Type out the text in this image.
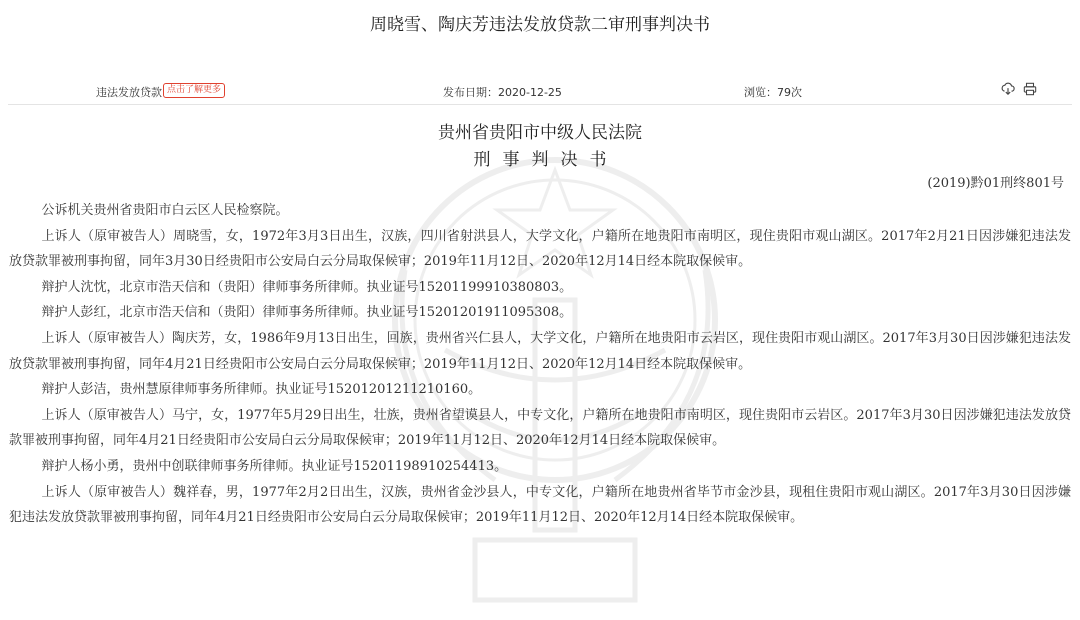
周晓雪、陶庆芳违法发放贷款二审刑事判决书
违法发放贷款 点击了解更多	发布日期：2020-12-25	浏览：79次
贵州省贵阳市中级人民法院
刑事判决书
(2019)黔01刑终801号

公诉机关贵州省贵阳市白云区人民检察院。

上诉人（原审被告人）周晓雪，女，1972年3月3日出生，汉族，四川省射洪县人，大学文化，户籍所在地贵阳市南明区，现住贵阳市观山湖区。2017年2月21日因涉嫌犯违法发放贷款罪被刑事拘留，同年3月30日经贵阳市公安局白云分局取保候审；2019年11月12日、2020年12月14日经本院取保候审。

辩护人沈忱，北京市浩天信和（贵阳）律师事务所律师。执业证号15201199910380803。

辩护人彭红，北京市浩天信和（贵阳）律师事务所律师。执业证号15201201911095308。

上诉人（原审被告人）陶庆芳，女，1986年9月13日出生，回族，贵州省兴仁县人，大学文化，户籍所在地贵阳市云岩区，现住贵阳市观山湖区。2017年3月30日因涉嫌犯违法发放贷款罪被刑事拘留，同年4月21日经贵阳市公安局白云分局取保候审；2019年11月12日、2020年12月14日经本院取保候审。

辩护人彭洁，贵州慧原律师事务所律师。执业证号15201201211210160。

上诉人（原审被告人）马宁，女，1977年5月29日出生，壮族，贵州省望谟县人，中专文化，户籍所在地贵阳市南明区，现住贵阳市云岩区。2017年3月30日因涉嫌犯违法发放贷款罪被刑事拘留，同年4月21日经贵阳市公安局白云分局取保候审；2019年11月12日、2020年12月14日经本院取保候审。

辩护人杨小勇，贵州中创联律师事务所律师。执业证号15201198910254413。

上诉人（原审被告人）魏祥春，男，1977年2月2日出生，汉族，贵州省金沙县人，中专文化，户籍所在地贵州省毕节市金沙县，现租住贵阳市观山湖区。2017年3月30日因涉嫌犯违法发放贷款罪被刑事拘留，同年4月21日经贵阳市公安局白云分局取保候审；2019年11月12日、2020年12月14日经本院取保候审。
